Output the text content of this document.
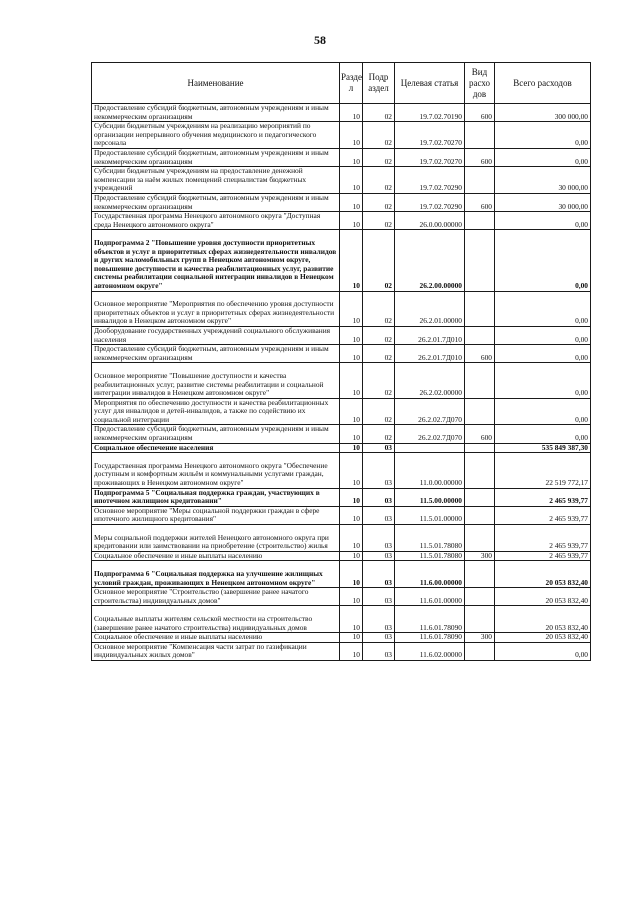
58
Наименование	Разде л	Подр аздел	Целевая статья	Вид расхо дов	Всего расходов
Предоставление субсидий бюджетным, автономным учреждениям и иным некоммерческим организациям	10	02	19.7.02.70190	600	300 000,00
Субсидии бюджетным учреждениям на реализацию мероприятий по организации непрерывного обучения медицинского и педагогического персонала	10	02	19.7.02.70270		0,00
Предоставление субсидий бюджетным, автономным учреждениям и иным некоммерческим организациям	10	02	19.7.02.70270	600	0,00
Субсидии бюджетным учреждениям на предоставление денежной компенсации за наём жилых помещений специалистам бюджетных учреждений	10	02	19.7.02.70290		30 000,00
Предоставление субсидий бюджетным, автономным учреждениям и иным некоммерческим организациям	10	02	19.7.02.70290	600	30 000,00
Государственная программа Ненецкого автономного округа "Доступная среда Ненецкого автономного округа"	10	02	26.0.00.00000		0,00
Подпрограмма 2 "Повышение уровня доступности приоритетных объектов и услуг в приоритетных сферах жизнедеятельности инвалидов и других маломобильных групп в Ненецком автономном округе, повышение доступности и качества реабилитационных услуг, развитие системы реабилитации социальной интеграции инвалидов в Ненецком автономном округе"	10	02	26.2.00.00000		0,00
Основное мероприятие "Мероприятия по обеспечению уровня доступности приоритетных объектов и услуг в приоритетных сферах жизнедеятельности инвалидов в Ненецком автономном округе"	10	02	26.2.01.00000		0,00
Дооборудование государственных учреждений социального обслуживания населения	10	02	26.2.01.7Д010		0,00
Предоставление субсидий бюджетным, автономным учреждениям и иным некоммерческим организациям	10	02	26.2.01.7Д010	600	0,00
Основное мероприятие "Повышение доступности и качества реабилитационных услуг, развитие системы реабилитации и социальной интеграции инвалидов в Ненецком автономном округе"	10	02	26.2.02.00000		0,00
Мероприятия по обеспечению доступности и качества реабилитационных услуг для инвалидов и детей-инвалидов, а также по содействию их социальной интеграции	10	02	26.2.02.7Д070		0,00
Предоставление субсидий бюджетным, автономным учреждениям и иным некоммерческим организациям	10	02	26.2.02.7Д070	600	0,00
Социальное обеспечение населения	10	03			535 849 387,30
Государственная программа Ненецкого автономного округа "Обеспечение доступным и комфортным жильём и коммунальными услугами граждан, проживающих в Ненецком автономном округе"	10	03	11.0.00.00000		22 519 772,17
Подпрограмма 5 "Социальная поддержка граждан, участвующих в ипотечном жилищном кредитовании"	10	03	11.5.00.00000		2 465 939,77
Основное мероприятие "Меры социальной поддержки граждан в сфере ипотечного жилищного кредитования"	10	03	11.5.01.00000		2 465 939,77
Меры социальной поддержки жителей Ненецкого автономного округа при кредитовании или заимствовании на приобретение (строительство) жилья	10	03	11.5.01.78080		2 465 939,77
Социальное обеспечение и иные выплаты населению	10	03	11.5.01.78080	300	2 465 939,77
Подпрограмма 6 "Социальная поддержка на улучшение жилищных условий граждан, проживающих в Ненецком автономном округе"	10	03	11.6.00.00000		20 053 832,40
Основное мероприятие "Строительство (завершение ранее начатого строительства) индивидуальных домов"	10	03	11.6.01.00000		20 053 832,40
Социальные выплаты жителям сельской местности на строительство (завершение ранее начатого строительства) индивидуальных домов	10	03	11.6.01.78090		20 053 832,40
Социальное обеспечение и иные выплаты населению	10	03	11.6.01.78090	300	20 053 832,40
Основное мероприятие "Компенсация части затрат по газификации индивидуальных жилых домов"	10	03	11.6.02.00000		0,00
